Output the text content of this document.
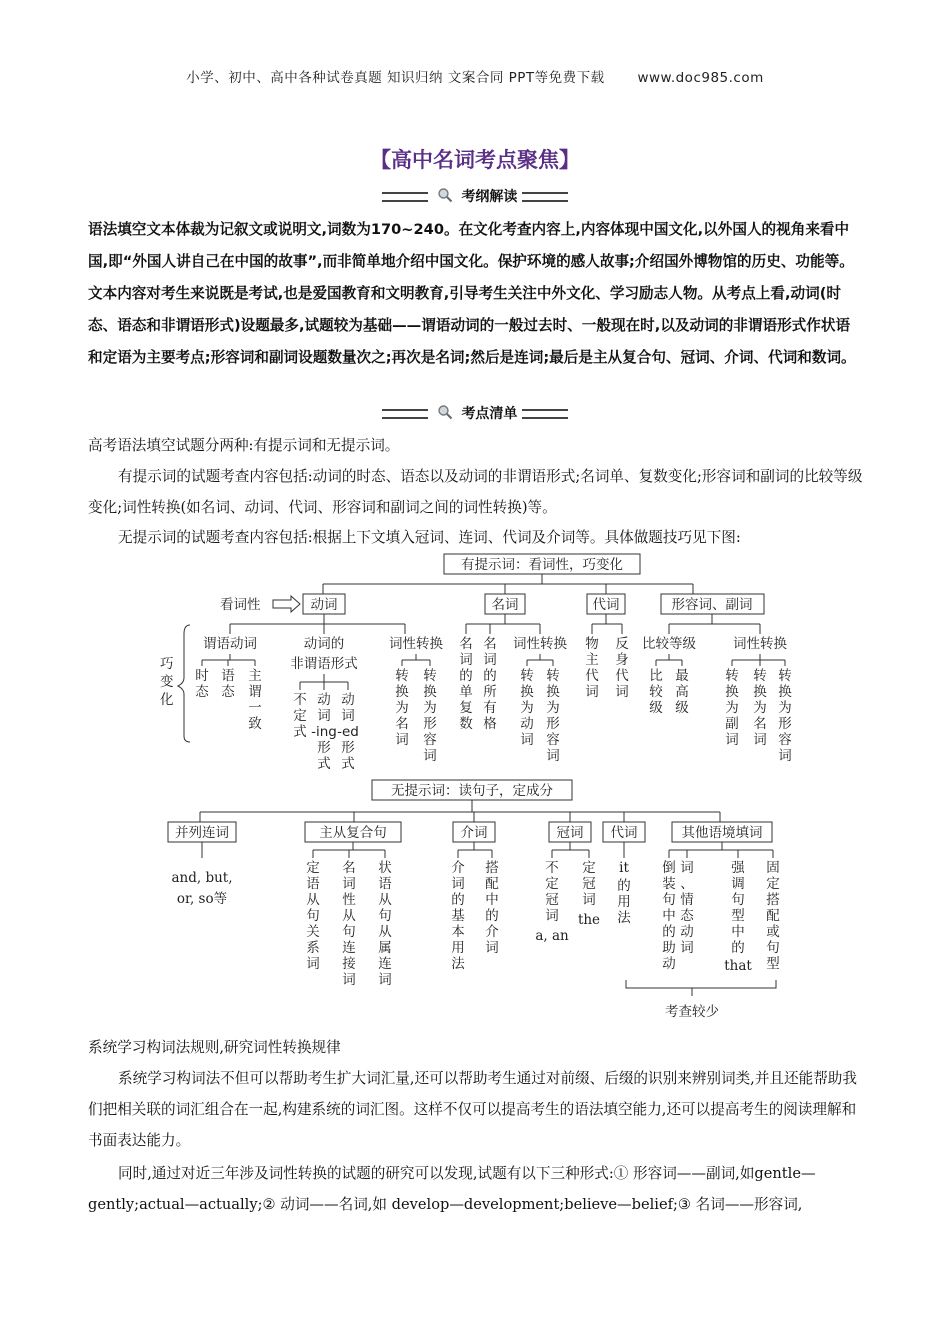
小学、初中、高中各种试卷真题 知识归纳 文案合同 PPT等免费下载 www.doc985.com
【高中名词考点聚焦】
考纲解读
语法填空文本体裁为记叙文或说明文,词数为170~240。在文化考查内容上,内容体现中国文化,以外国人的视角来看中国,即“外国人讲自己在中国的故事”,而非简单地介绍中国文化。保护环境的感人故事;介绍国外博物馆的历史、功能等。文本内容对考生来说既是考试,也是爱国教育和文明教育,引导考生关注中外文化、学习励志人物。从考点上看,动词(时态、语态和非谓语形式)设题最多,试题较为基础——谓语动词的一般过去时、一般现在时,以及动词的非谓语形式作状语和定语为主要考点;形容词和副词设题数量次之;再次是名词;然后是连词;最后是主从复合句、冠词、介词、代词和数词。
考点清单
高考语法填空试题分两种:有提示词和无提示词。
有提示词的试题考查内容包括:动词的时态、语态以及动词的非谓语形式;名词单、复数变化;形容词和副词的比较等级变化;词性转换(如名词、动词、代词、形容词和副词之间的词性转换)等。
无提示词的试题考查内容包括:根据上下文填入冠词、连词、代词及介词等。具体做题技巧见下图:
有提示词：看词性，巧变化
看词性	动词	名词	代词	形容词、副词
巧
变
化
谓语动词
时态
语态
主谓一致
动词的
非谓语形式
不定式
动词-ing 形式
动词-ed 形式
词性转换
转换为名词
转换为形容词
名词的单复数
名词的所有格
词性转换
转换为动词
转换为形容词
物主代词
反身代词
比较等级
比较级
最高级
词性转换
转换为副词
转换为名词
转换为形容词
无提示词：读句子，定成分
并列连词	主从复合句	介词	冠词 代词	其他语境填词
and, but,
or, so等
定语从句关系词
名词性从句连接词
状语从句从属连词
介词的基本用法
搭配中的介词
不定冠词
a, an
定冠词
the
it
的用法
倒装句中的助动
词、情态动词
强调句型中的
that
固定搭配或句型
考查较少
系统学习构词法规则,研究词性转换规律
系统学习构词法不但可以帮助考生扩大词汇量,还可以帮助考生通过对前缀、后缀的识别来辨别词类,并且还能帮助我们把相关联的词汇组合在一起,构建系统的词汇图。这样不仅可以提高考生的语法填空能力,还可以提高考生的阅读理解和书面表达能力。
同时,通过对近三年涉及词性转换的试题的研究可以发现,试题有以下三种形式:① 形容词——副词,如gentle—gently;actual—actually;② 动词——名词,如 develop—development;believe—belief;③ 名词——形容词,
